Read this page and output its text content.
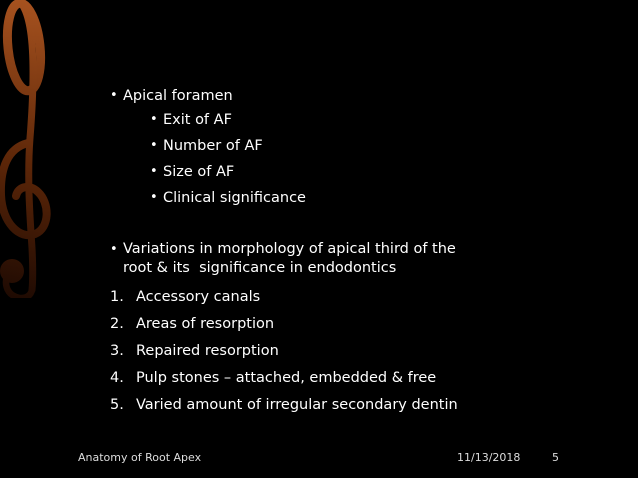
• Apical foramen
• Exit of AF
• Number of AF
• Size of AF
• Clinical significance
• Variations in morphology of apical third of the
root & its  significance in endodontics
1. Accessory canals
2. Areas of resorption
3. Repaired resorption
4. Pulp stones – attached, embedded & free
5. Varied amount of irregular secondary dentin
Anatomy of Root Apex	11/13/2018	5
